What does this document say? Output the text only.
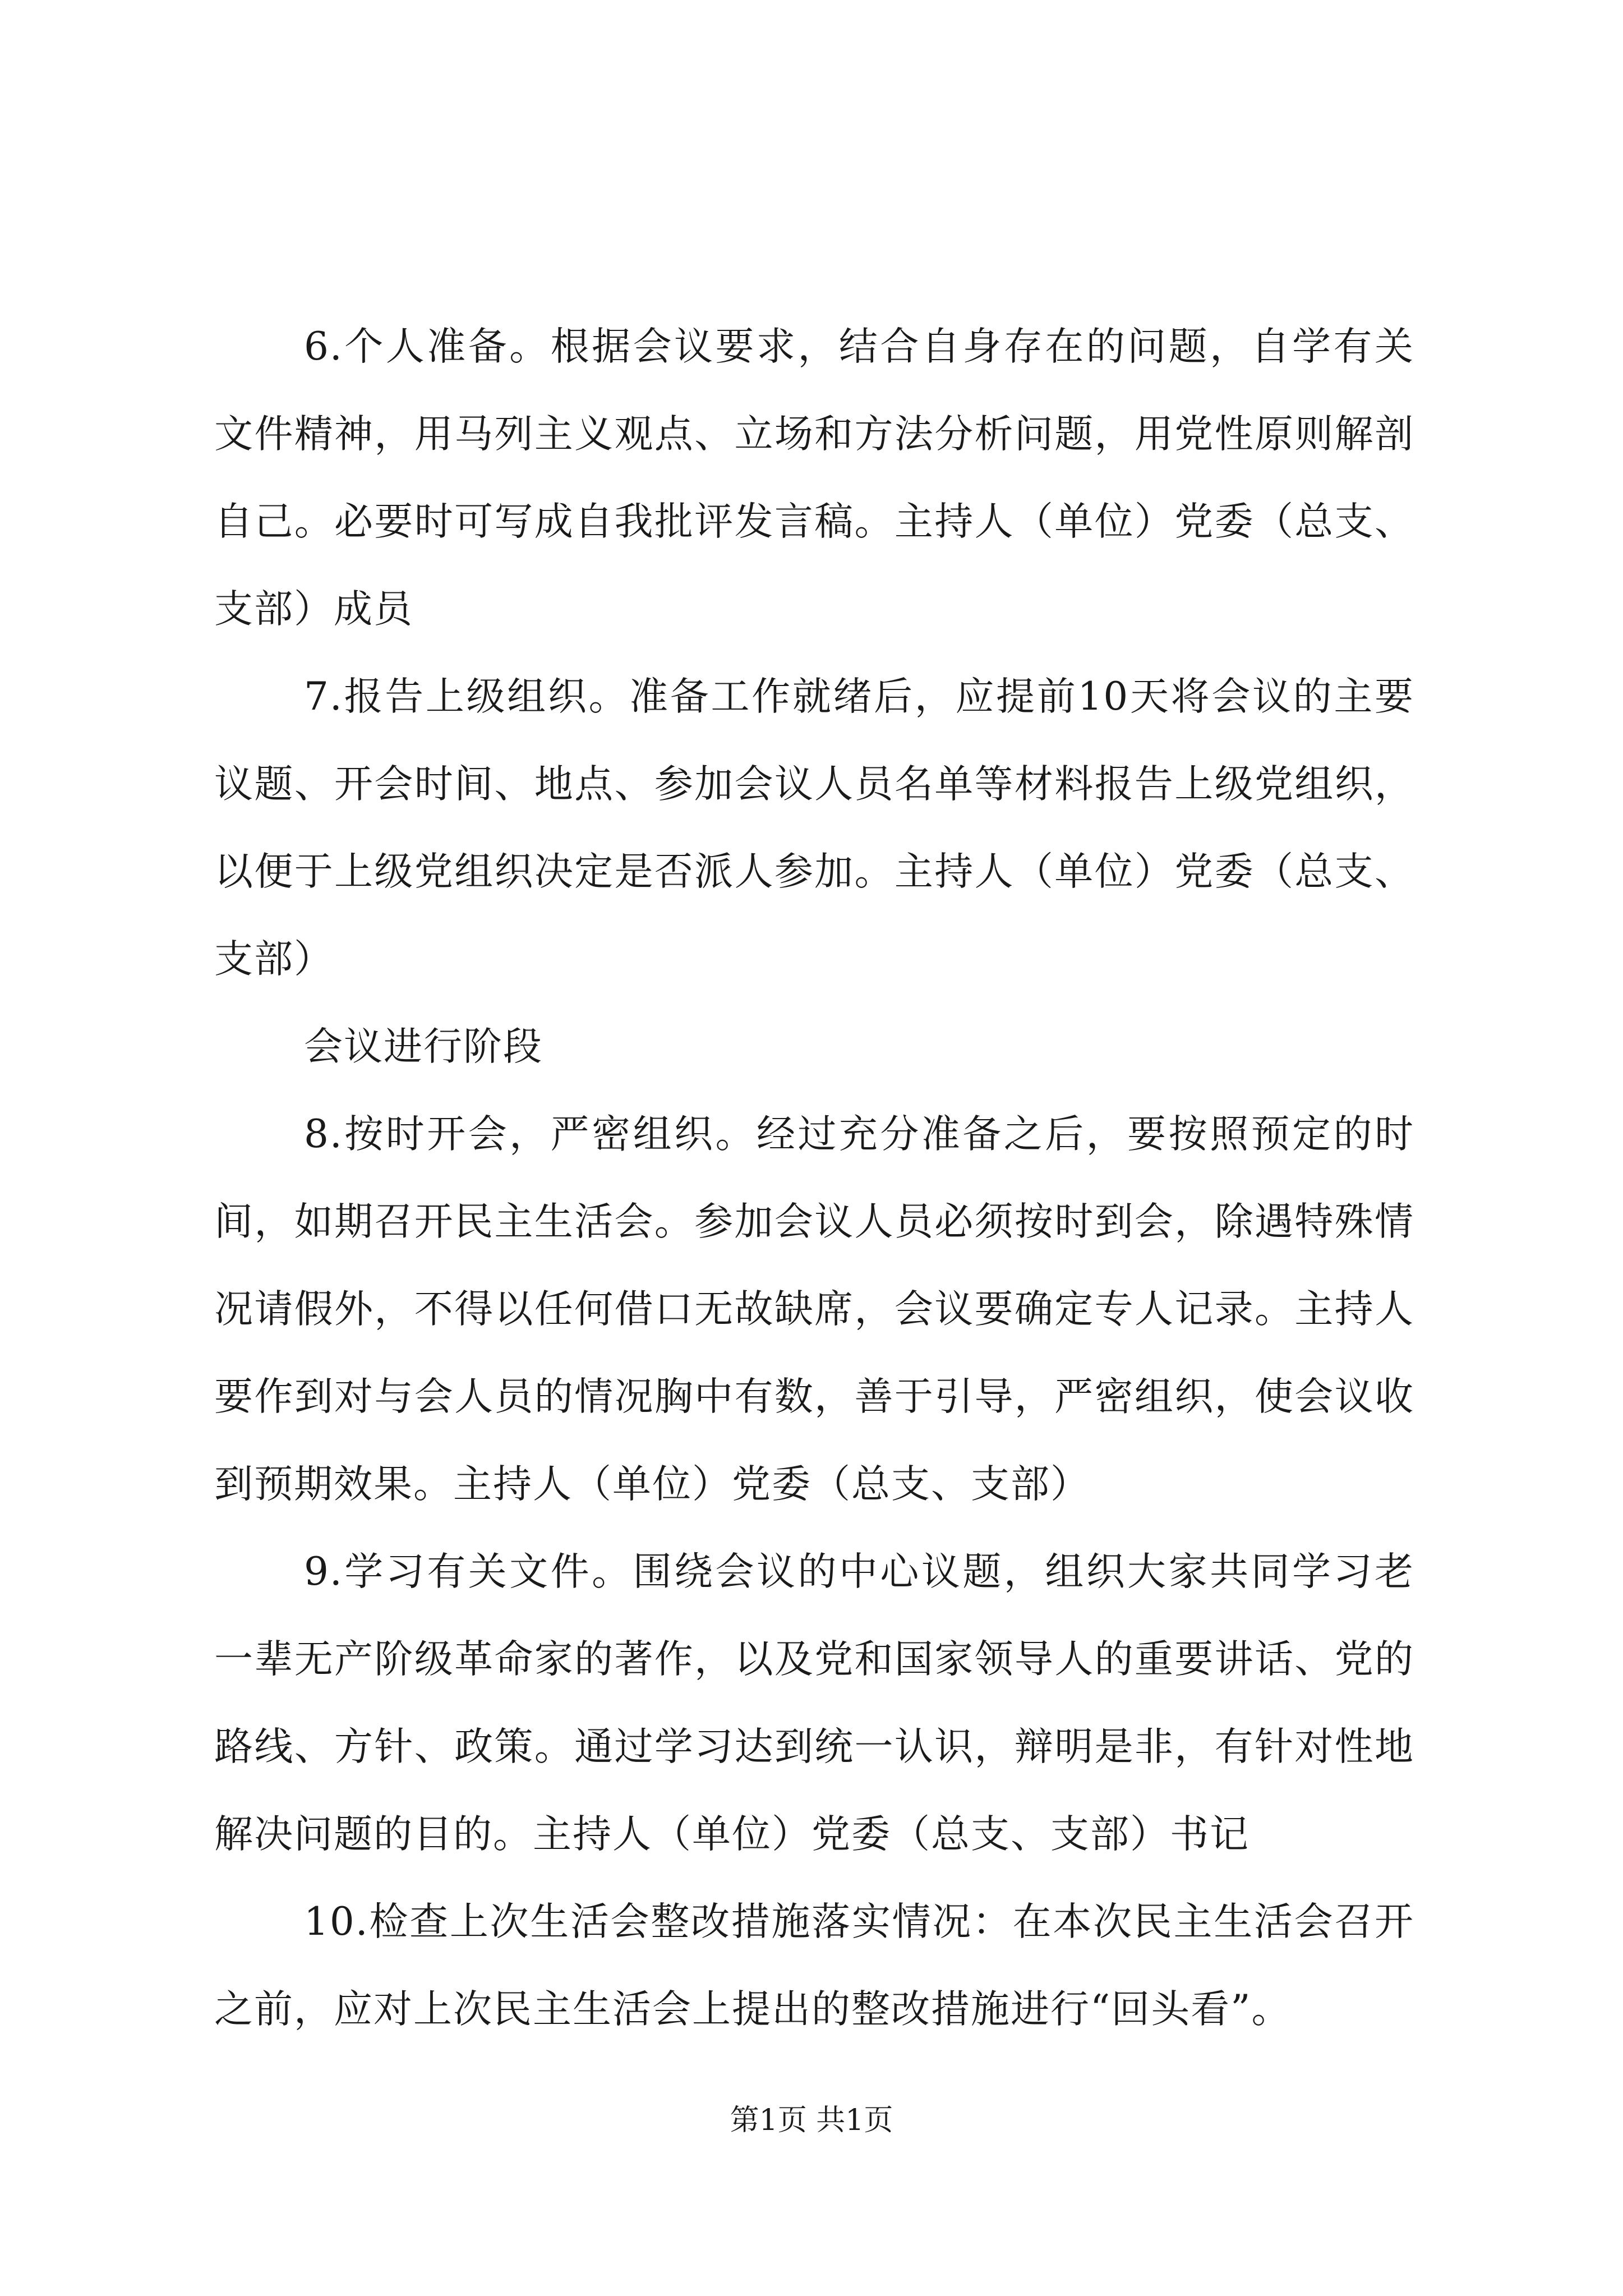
6.个人准备。根据会议要求，结合自身存在的问题，自学有关文件精神，用马列主义观点、立场和方法分析问题，用党性原则解剖自己。必要时可写成自我批评发言稿。主持人（单位）党委（总支、支部）成员

7.报告上级组织。准备工作就绪后，应提前10天将会议的主要议题、开会时间、地点、参加会议人员名单等材料报告上级党组织，以便于上级党组织决定是否派人参加。主持人（单位）党委（总支、支部）

会议进行阶段

8.按时开会，严密组织。经过充分准备之后，要按照预定的时间，如期召开民主生活会。参加会议人员必须按时到会，除遇特殊情况请假外，不得以任何借口无故缺席，会议要确定专人记录。主持人要作到对与会人员的情况胸中有数，善于引导，严密组织，使会议收到预期效果。主持人（单位）党委（总支、支部）

9.学习有关文件。围绕会议的中心议题，组织大家共同学习老一辈无产阶级革命家的著作，以及党和国家领导人的重要讲话、党的路线、方针、政策。通过学习达到统一认识，辩明是非，有针对性地解决问题的目的。主持人（单位）党委（总支、支部）书记

10.检查上次生活会整改措施落实情况：在本次民主生活会召开之前，应对上次民主生活会上提出的整改措施进行“回头看”。

第1页 共1页
